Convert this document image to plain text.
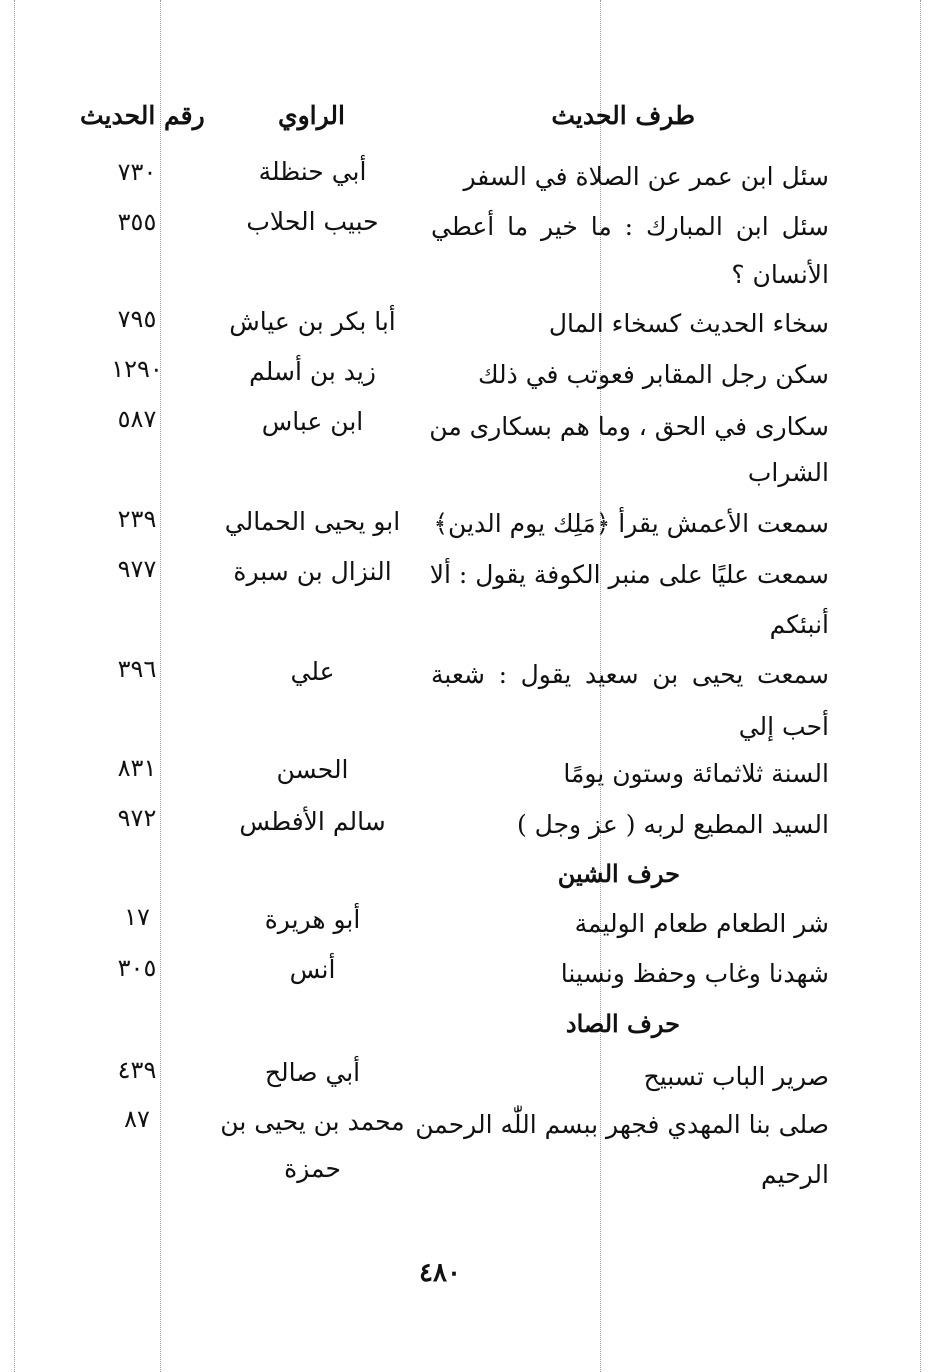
طرف الحديث
الراوي
رقم الحديث
سئل ابن عمر عن الصلاة في السفر
أبي حنظلة
٧٣٠
سئل ابن المبارك : ما خير ما أعطي
الأنسان ؟
حبيب الحلاب
٣٥٥
سخاء الحديث كسخاء المال
أبا بكر بن عياش
٧٩٥
سكن رجل المقابر فعوتب في ذلك
زيد بن أسلم
١٢٩٠
سكارى في الحق ، وما هم بسكارى من
الشراب
ابن عباس
٥٨٧
سمعت الأعمش يقرأ ﴿مَلِك يوم الدين﴾
ابو يحيى الحمالي
٢٣٩
سمعت عليًا على منبر الكوفة يقول : ألا
أنبئكم
النزال بن سبرة
٩٧٧
سمعت يحيى بن سعيد يقول : شعبة
أحب إلي
علي
٣٩٦
السنة ثلاثمائة وستون يومًا
الحسن
٨٣١
السيد المطيع لربه ( عز وجل )
سالم الأفطس
٩٧٢
حرف الشين
شر الطعام طعام الوليمة
أبو هريرة
١٧
شهدنا وغاب وحفظ ونسينا
أنس
٣٠٥
حرف الصاد
صرير الباب تسبيح
أبي صالح
٤٣٩
صلى بنا المهدي فجهر ببسم اللّٰه الرحمن
الرحيم
محمد بن يحيى بن
حمزة
٨٧
٤٨٠
